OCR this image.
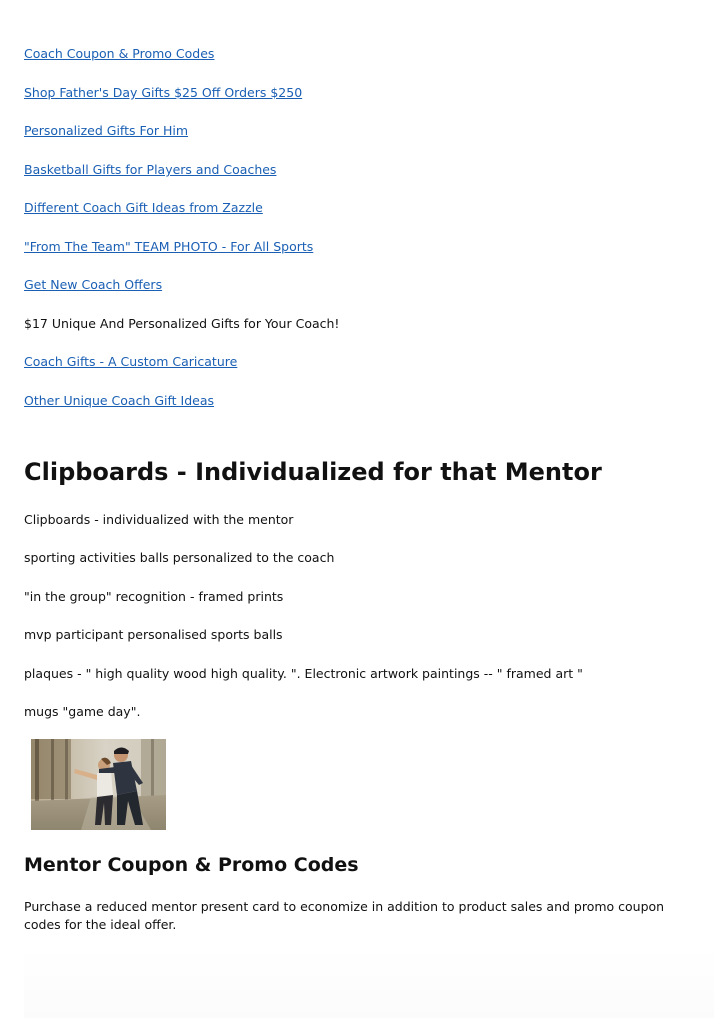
Coach Coupon & Promo Codes
Shop Father's Day Gifts $25 Off Orders $250
Personalized Gifts For Him
Basketball Gifts for Players and Coaches
Different Coach Gift Ideas from Zazzle
"From The Team" TEAM PHOTO - For All Sports
Get New Coach Offers
$17 Unique And Personalized Gifts for Your Coach!
Coach Gifts - A Custom Caricature
Other Unique Coach Gift Ideas
Clipboards - Individualized for that Mentor
Clipboards - individualized with the mentor
sporting activities balls personalized to the coach
"in the group" recognition - framed prints
mvp participant personalised sports balls
plaques - " high quality wood high quality. ". Electronic artwork paintings -- " framed art "
mugs "game day".
Mentor Coupon & Promo Codes

Purchase a reduced mentor present card to economize in addition to product sales and promo coupon codes for the ideal offer.
